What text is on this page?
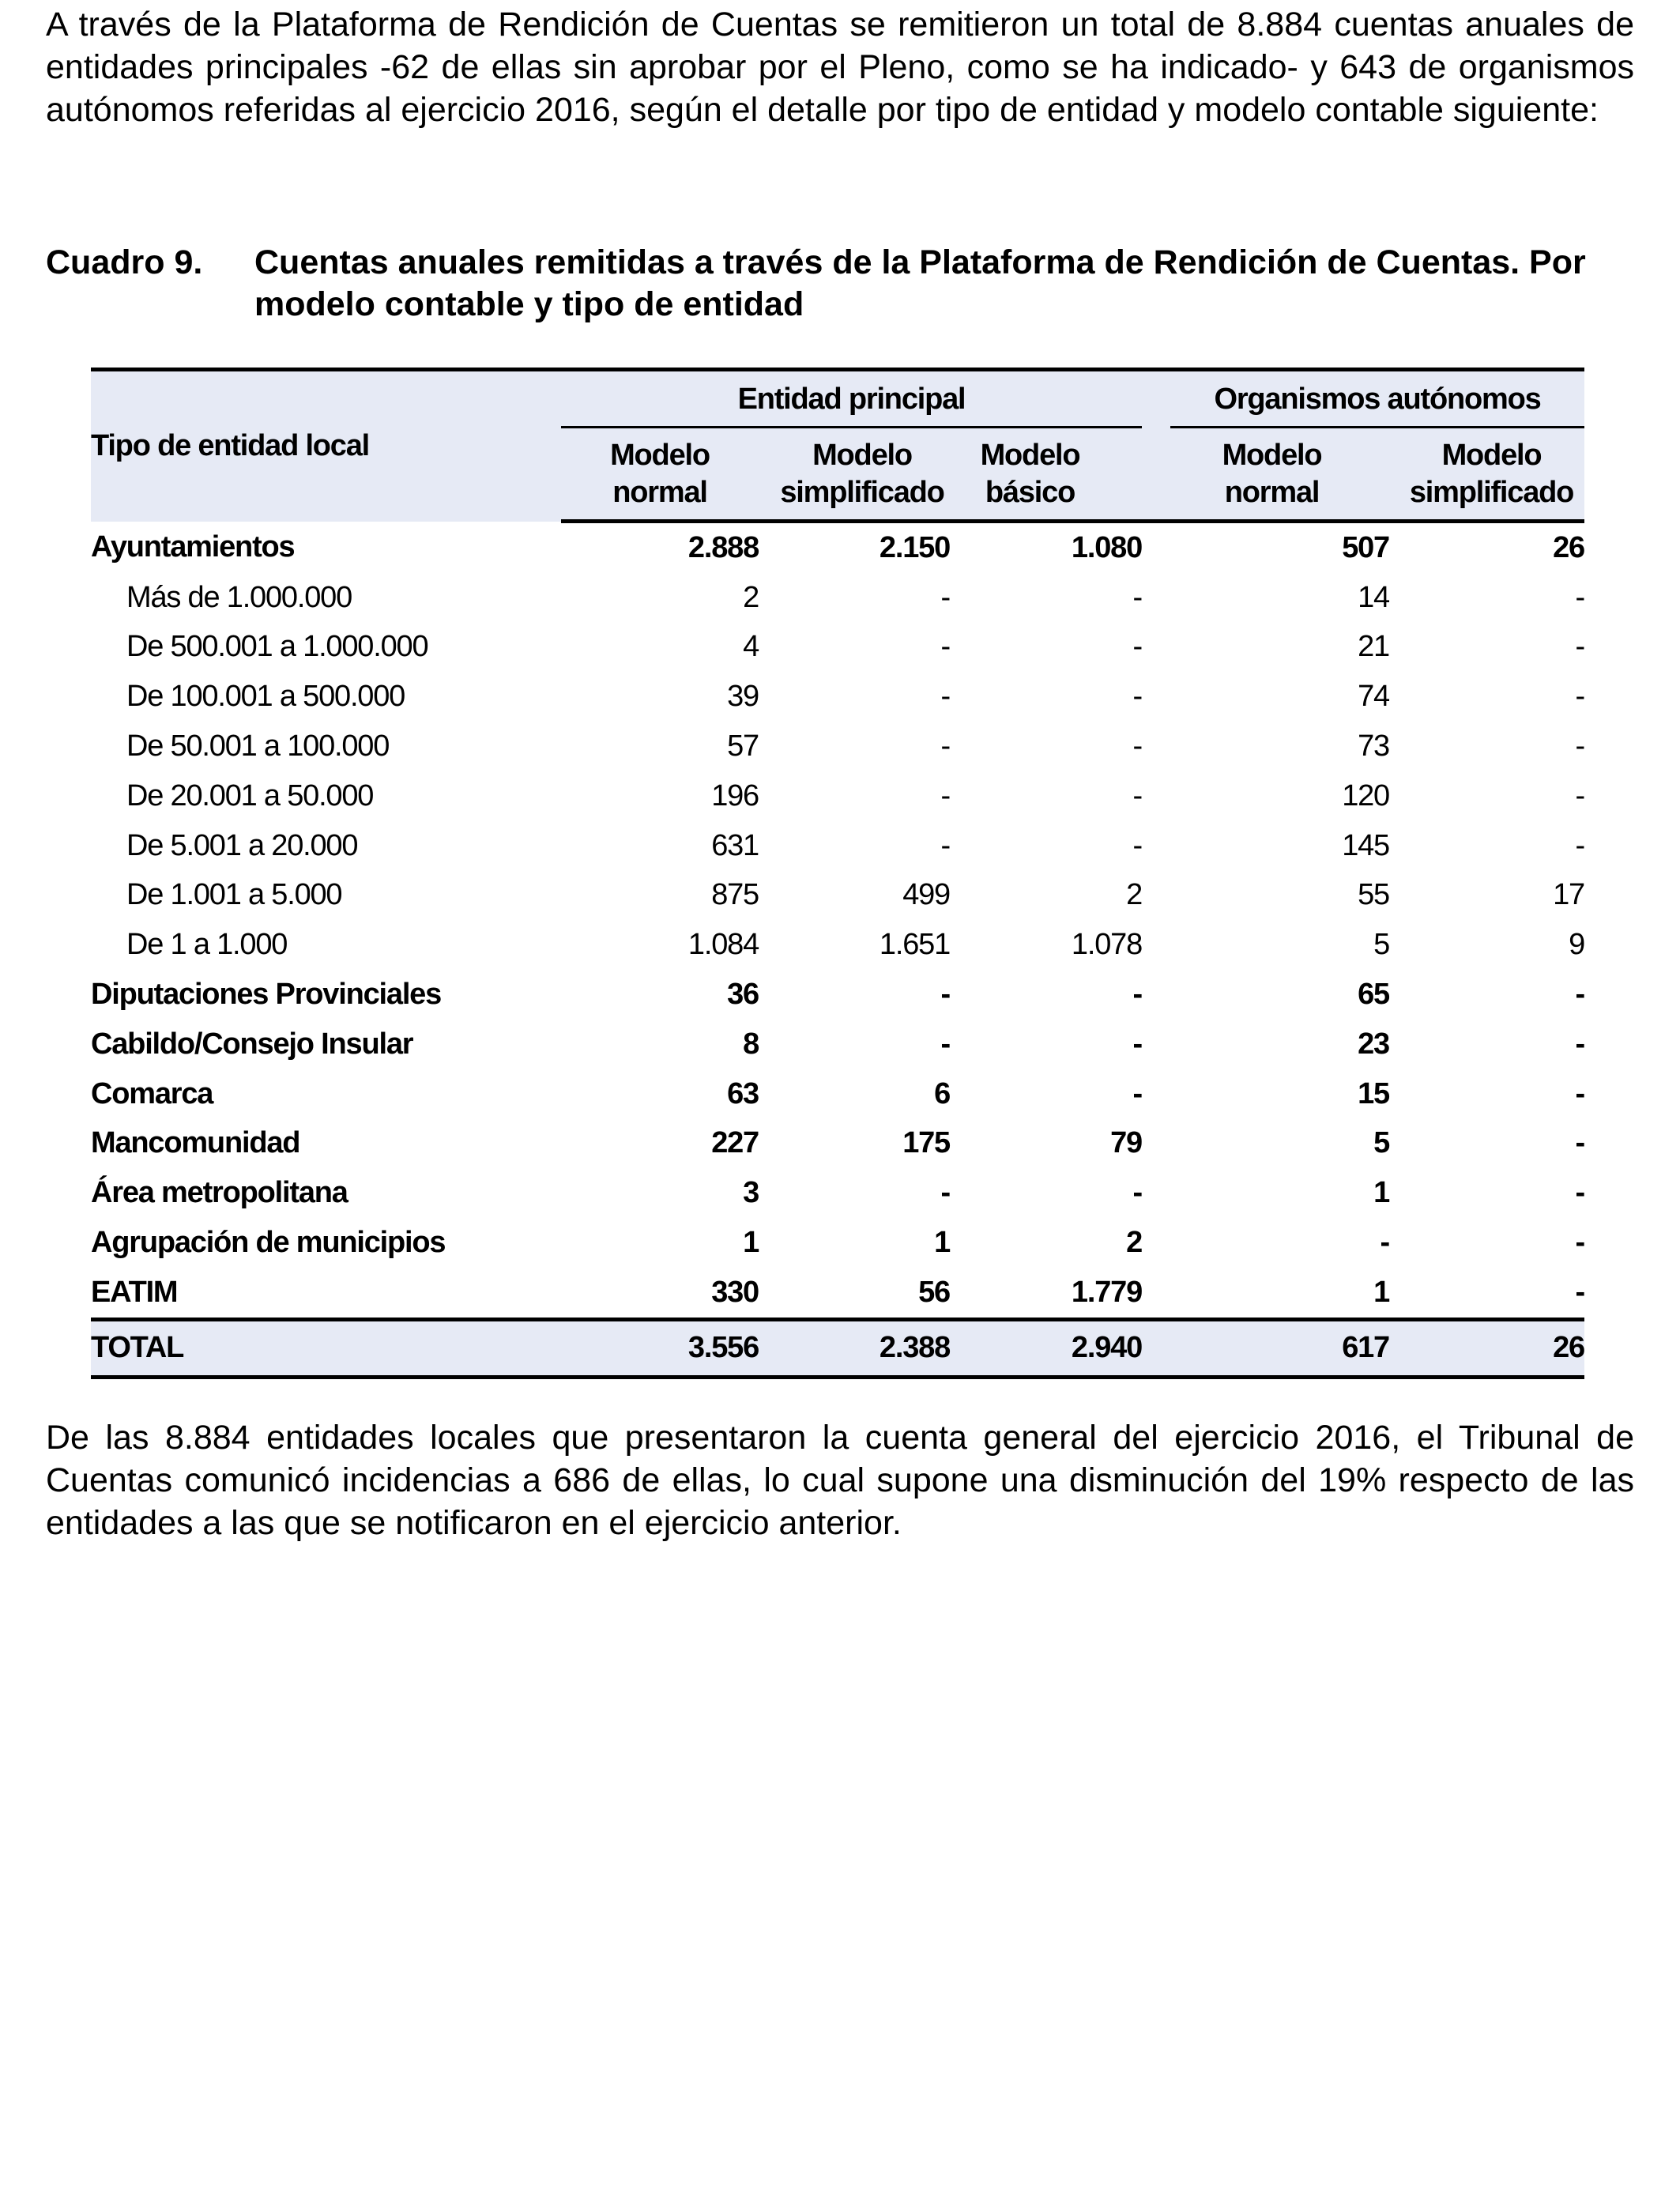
A través de la Plataforma de Rendición de Cuentas se remitieron un total de 8.884 cuentas anuales de entidades principales -62 de ellas sin aprobar por el Pleno, como se ha indicado- y 643 de organismos autónomos referidas al ejercicio 2016, según el detalle por tipo de entidad y modelo contable siguiente:

Cuadro 9. Cuentas anuales remitidas a través de la Plataforma de Rendición de Cuentas. Por modelo contable y tipo de entidad
Tipo de entidad local	Entidad principal				Organismos autónomos	

	Modelo normal	Modelo simplificado	Modelo básico		Modelo normal	Modelo simplificado
Ayuntamientos	2.888	2.150	1.080		507	26
Más de 1.000.000	2	-	-		14	-
De 500.001 a 1.000.000	4	-	-		21	-
De 100.001 a 500.000	39	-	-		74	-
De 50.001 a 100.000	57	-	-		73	-
De 20.001 a 50.000	196	-	-		120	-
De 5.001 a 20.000	631	-	-		145	-
De 1.001 a 5.000	875	499	2		55	17
De 1 a 1.000	1.084	1.651	1.078		5	9
Diputaciones Provinciales	36	-	-		65	-
Cabildo/Consejo Insular	8	-	-		23	-
Comarca	63	6	-		15	-
Mancomunidad	227	175	79		5	-
Área metropolitana	3	-	-		1	-
Agrupación de municipios	1	1	2		-	-
EATIM	330	56	1.779		1	-
TOTAL	3.556	2.388	2.940		617	26

De las 8.884 entidades locales que presentaron la cuenta general del ejercicio 2016, el Tribunal de Cuentas comunicó incidencias a 686 de ellas, lo cual supone una disminución del 19% respecto de las entidades a las que se notificaron en el ejercicio anterior.
